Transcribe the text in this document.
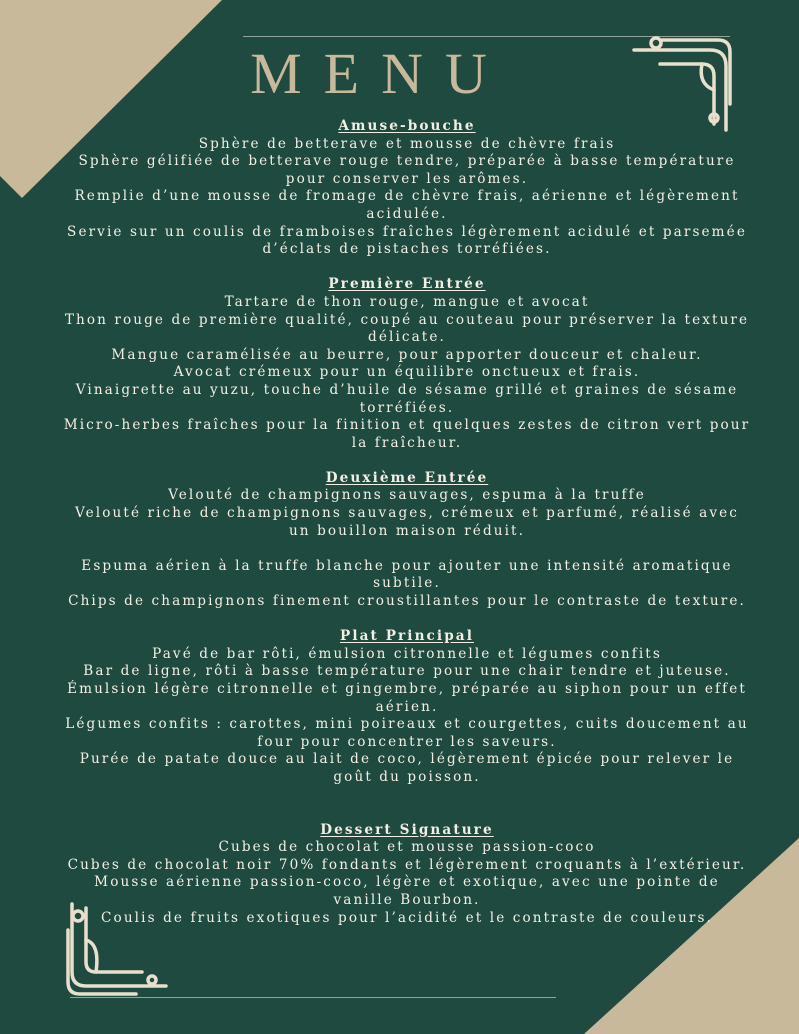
MENU
Amuse-bouche
Sphère de betterave et mousse de chèvre frais
Sphère gélifiée de betterave rouge tendre, préparée à basse température pour conserver les arômes.
Remplie d’une mousse de fromage de chèvre frais, aérienne et légèrement acidulée.
Servie sur un coulis de framboises fraîches légèrement acidulé et parsemée d’éclats de pistaches torréfiées.
Première Entrée
Tartare de thon rouge, mangue et avocat
Thon rouge de première qualité, coupé au couteau pour préserver la texture délicate.
Mangue caramélisée au beurre, pour apporter douceur et chaleur.
Avocat crémeux pour un équilibre onctueux et frais.
Vinaigrette au yuzu, touche d’huile de sésame grillé et graines de sésame torréfiées.
Micro-herbes fraîches pour la finition et quelques zestes de citron vert pour la fraîcheur.
Deuxième Entrée
Velouté de champignons sauvages, espuma à la truffe
Velouté riche de champignons sauvages, crémeux et parfumé, réalisé avec un bouillon maison réduit.
Espuma aérien à la truffe blanche pour ajouter une intensité aromatique subtile.
Chips de champignons finement croustillantes pour le contraste de texture.
Plat Principal
Pavé de bar rôti, émulsion citronnelle et légumes confits
Bar de ligne, rôti à basse température pour une chair tendre et juteuse.
Émulsion légère citronnelle et gingembre, préparée au siphon pour un effet aérien.
Légumes confits : carottes, mini poireaux et courgettes, cuits doucement au four pour concentrer les saveurs.
Purée de patate douce au lait de coco, légèrement épicée pour relever le goût du poisson.
Dessert Signature
Cubes de chocolat et mousse passion-coco
Cubes de chocolat noir 70% fondants et légèrement croquants à l’extérieur.
Mousse aérienne passion-coco, légère et exotique, avec une pointe de vanille Bourbon.
Coulis de fruits exotiques pour l’acidité et le contraste de couleurs.
